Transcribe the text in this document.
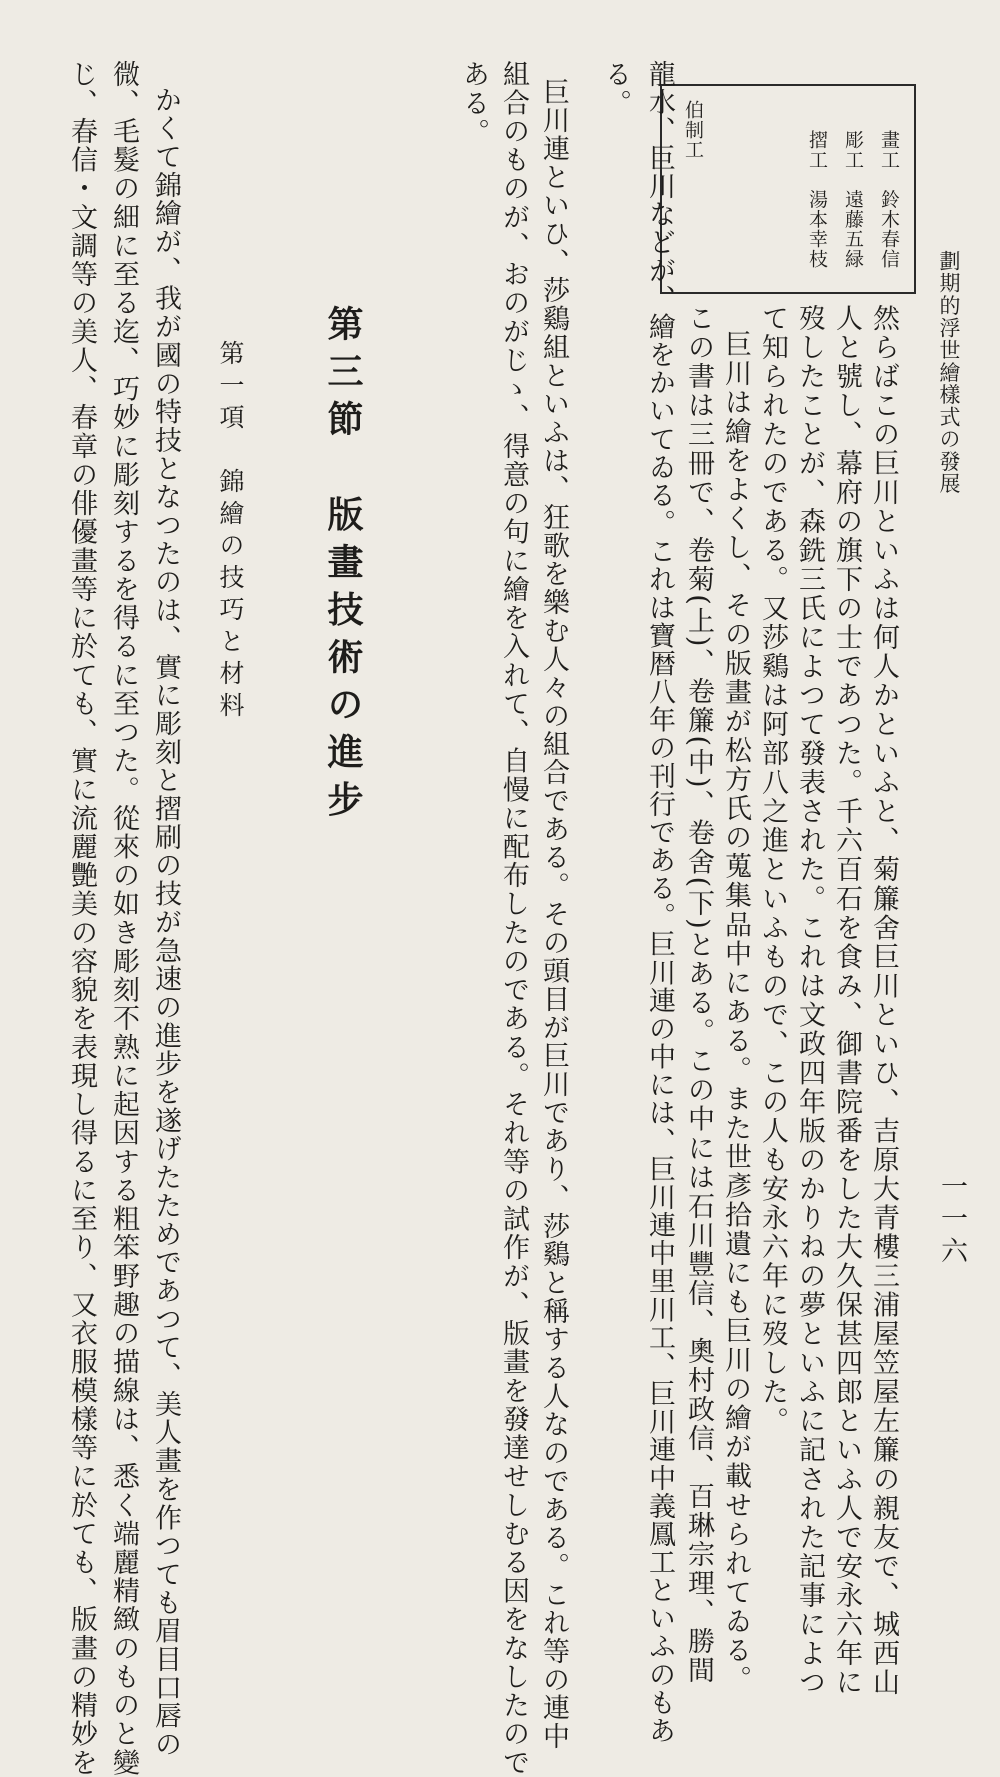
劃期的浮世繪樣式の發展
一一六
畫工　鈴木春信
彫工　遠藤五緑
摺工　湯本幸枝
伯制工
然らばこの巨川といふは何人かといふと、菊簾舍巨川といひ、吉原大青樓三浦屋笠屋左簾の親友で、城西山
人と號し、幕府の旗下の士であつた。千六百石を食み、御書院番をした大久保甚四郎といふ人で安永六年に
歿したことが、森銑三氏によつて發表された。これは文政四年版のかりねの夢といふに記された記事によつ
て知られたのである。又莎鷄は阿部八之進といふもので、この人も安永六年に歿した。
巨川は繪をよくし、その版畫が松方氏の蒐集品中にある。また世彥拾遺にも巨川の繪が載せられてゐる。
この書は三冊で、卷菊(上)、卷簾(中)、卷舍(下)とある。この中には石川豐信、奧村政信、百琳宗理、勝間
龍水、巨川などが、繪をかいてゐる。これは寶暦八年の刊行である。巨川連の中には、巨川連中里川工、巨川連中義鳳工といふのもあ
る。
巨川連といひ、莎鷄組といふは、狂歌を樂む人々の組合である。その頭目が巨川であり、莎鷄と稱する人なのである。これ等の連中
組合のものが、おのがじゝ、得意の句に繪を入れて、自慢に配布したのである。それ等の試作が、版畫を發達せしむる因をなしたので
ある。
第三節　版畫技術の進步
第一項　錦繪の技巧と材料
かくて錦繪が、我が國の特技となつたのは、實に彫刻と摺刷の技が急速の進步を遂げたためであつて、美人畫を作つても眉目口唇の
微、毛髮の細に至る迄、巧妙に彫刻するを得るに至つた。從來の如き彫刻不熟に起因する粗笨野趣の描線は、悉く端麗精緻のものと變
じ、春信・文調等の美人、春章の俳優畫等に於ても、實に流麗艷美の容貌を表現し得るに至り、又衣服模樣等に於ても、版畫の精妙を
